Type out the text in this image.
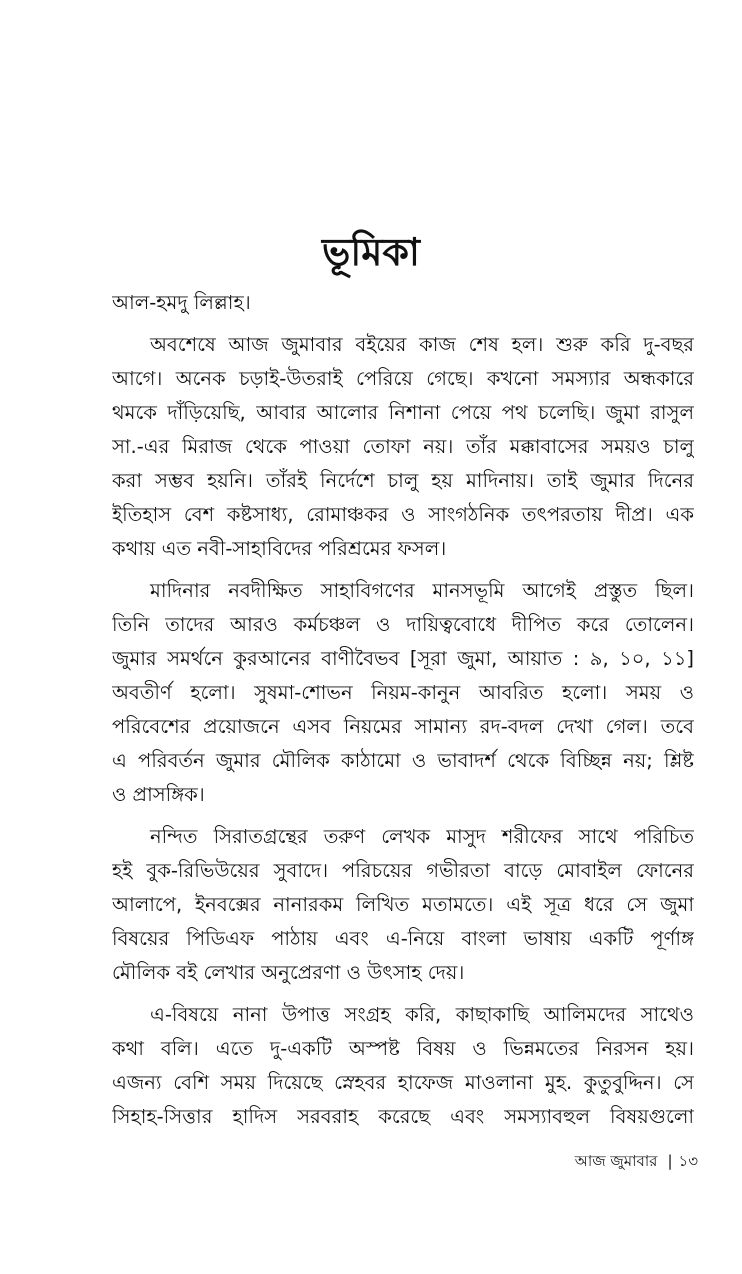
ভূমিকা
আল-হমদু লিল্লাহ।
অবশেষে আজ জুমাবার বইয়ের কাজ শেষ হল। শুরু করি দু-বছর
আগে। অনেক চড়াই-উতরাই পেরিয়ে গেছে। কখনো সমস্যার অন্ধকারে
থমকে দাঁড়িয়েছি, আবার আলোর নিশানা পেয়ে পথ চলেছি। জুমা রাসুল
সা.-এর মিরাজ থেকে পাওয়া তোফা নয়। তাঁর মক্কাবাসের সময়ও চালু
করা সম্ভব হয়নি। তাঁরই নির্দেশে চালু হয় মাদিনায়। তাই জুমার দিনের
ইতিহাস বেশ কষ্টসাধ্য, রোমাঞ্চকর ও সাংগঠনিক তৎপরতায় দীপ্র। এক
কথায় এত নবী-সাহাবিদের পরিশ্রমের ফসল।
মাদিনার নবদীক্ষিত সাহাবিগণের মানসভূমি আগেই প্রস্তুত ছিল।
তিনি তাদের আরও কর্মচঞ্চল ও দায়িত্ববোধে দীপিত করে তোলেন।
জুমার সমর্থনে কুরআনের বাণীবৈভব [সূরা জুমা, আয়াত : ৯, ১০, ১১]
অবতীর্ণ হলো। সুষমা-শোভন নিয়ম-কানুন আবরিত হলো। সময় ও
পরিবেশের প্রয়োজনে এসব নিয়মের সামান্য রদ-বদল দেখা গেল। তবে
এ পরিবর্তন জুমার মৌলিক কাঠামো ও ভাবাদর্শ থেকে বিচ্ছিন্ন নয়; শ্লিষ্ট
ও প্রাসঙ্গিক।
নন্দিত সিরাতগ্রন্থের তরুণ লেখক মাসুদ শরীফের সাথে পরিচিত
হই বুক-রিভিউয়ের সুবাদে। পরিচয়ের গভীরতা বাড়ে মোবাইল ফোনের
আলাপে, ইনবক্সের নানারকম লিখিত মতামতে। এই সূত্র ধরে সে জুমা
বিষয়ের পিডিএফ পাঠায় এবং এ-নিয়ে বাংলা ভাষায় একটি পূর্ণাঙ্গ
মৌলিক বই লেখার অনুপ্রেরণা ও উৎসাহ দেয়।
এ-বিষয়ে নানা উপাত্ত সংগ্রহ করি, কাছাকাছি আলিমদের সাথেও
কথা বলি। এতে দু-একটি অস্পষ্ট বিষয় ও ভিন্নমতের নিরসন হয়।
এজন্য বেশি সময় দিয়েছে স্নেহবর হাফেজ মাওলানা মুহ. কুতুবুদ্দিন। সে
সিহাহ-সিত্তার হাদিস সরবরাহ করেছে এবং সমস্যাবহুল বিষয়গুলো
আজ জুমাবার | ১৩
